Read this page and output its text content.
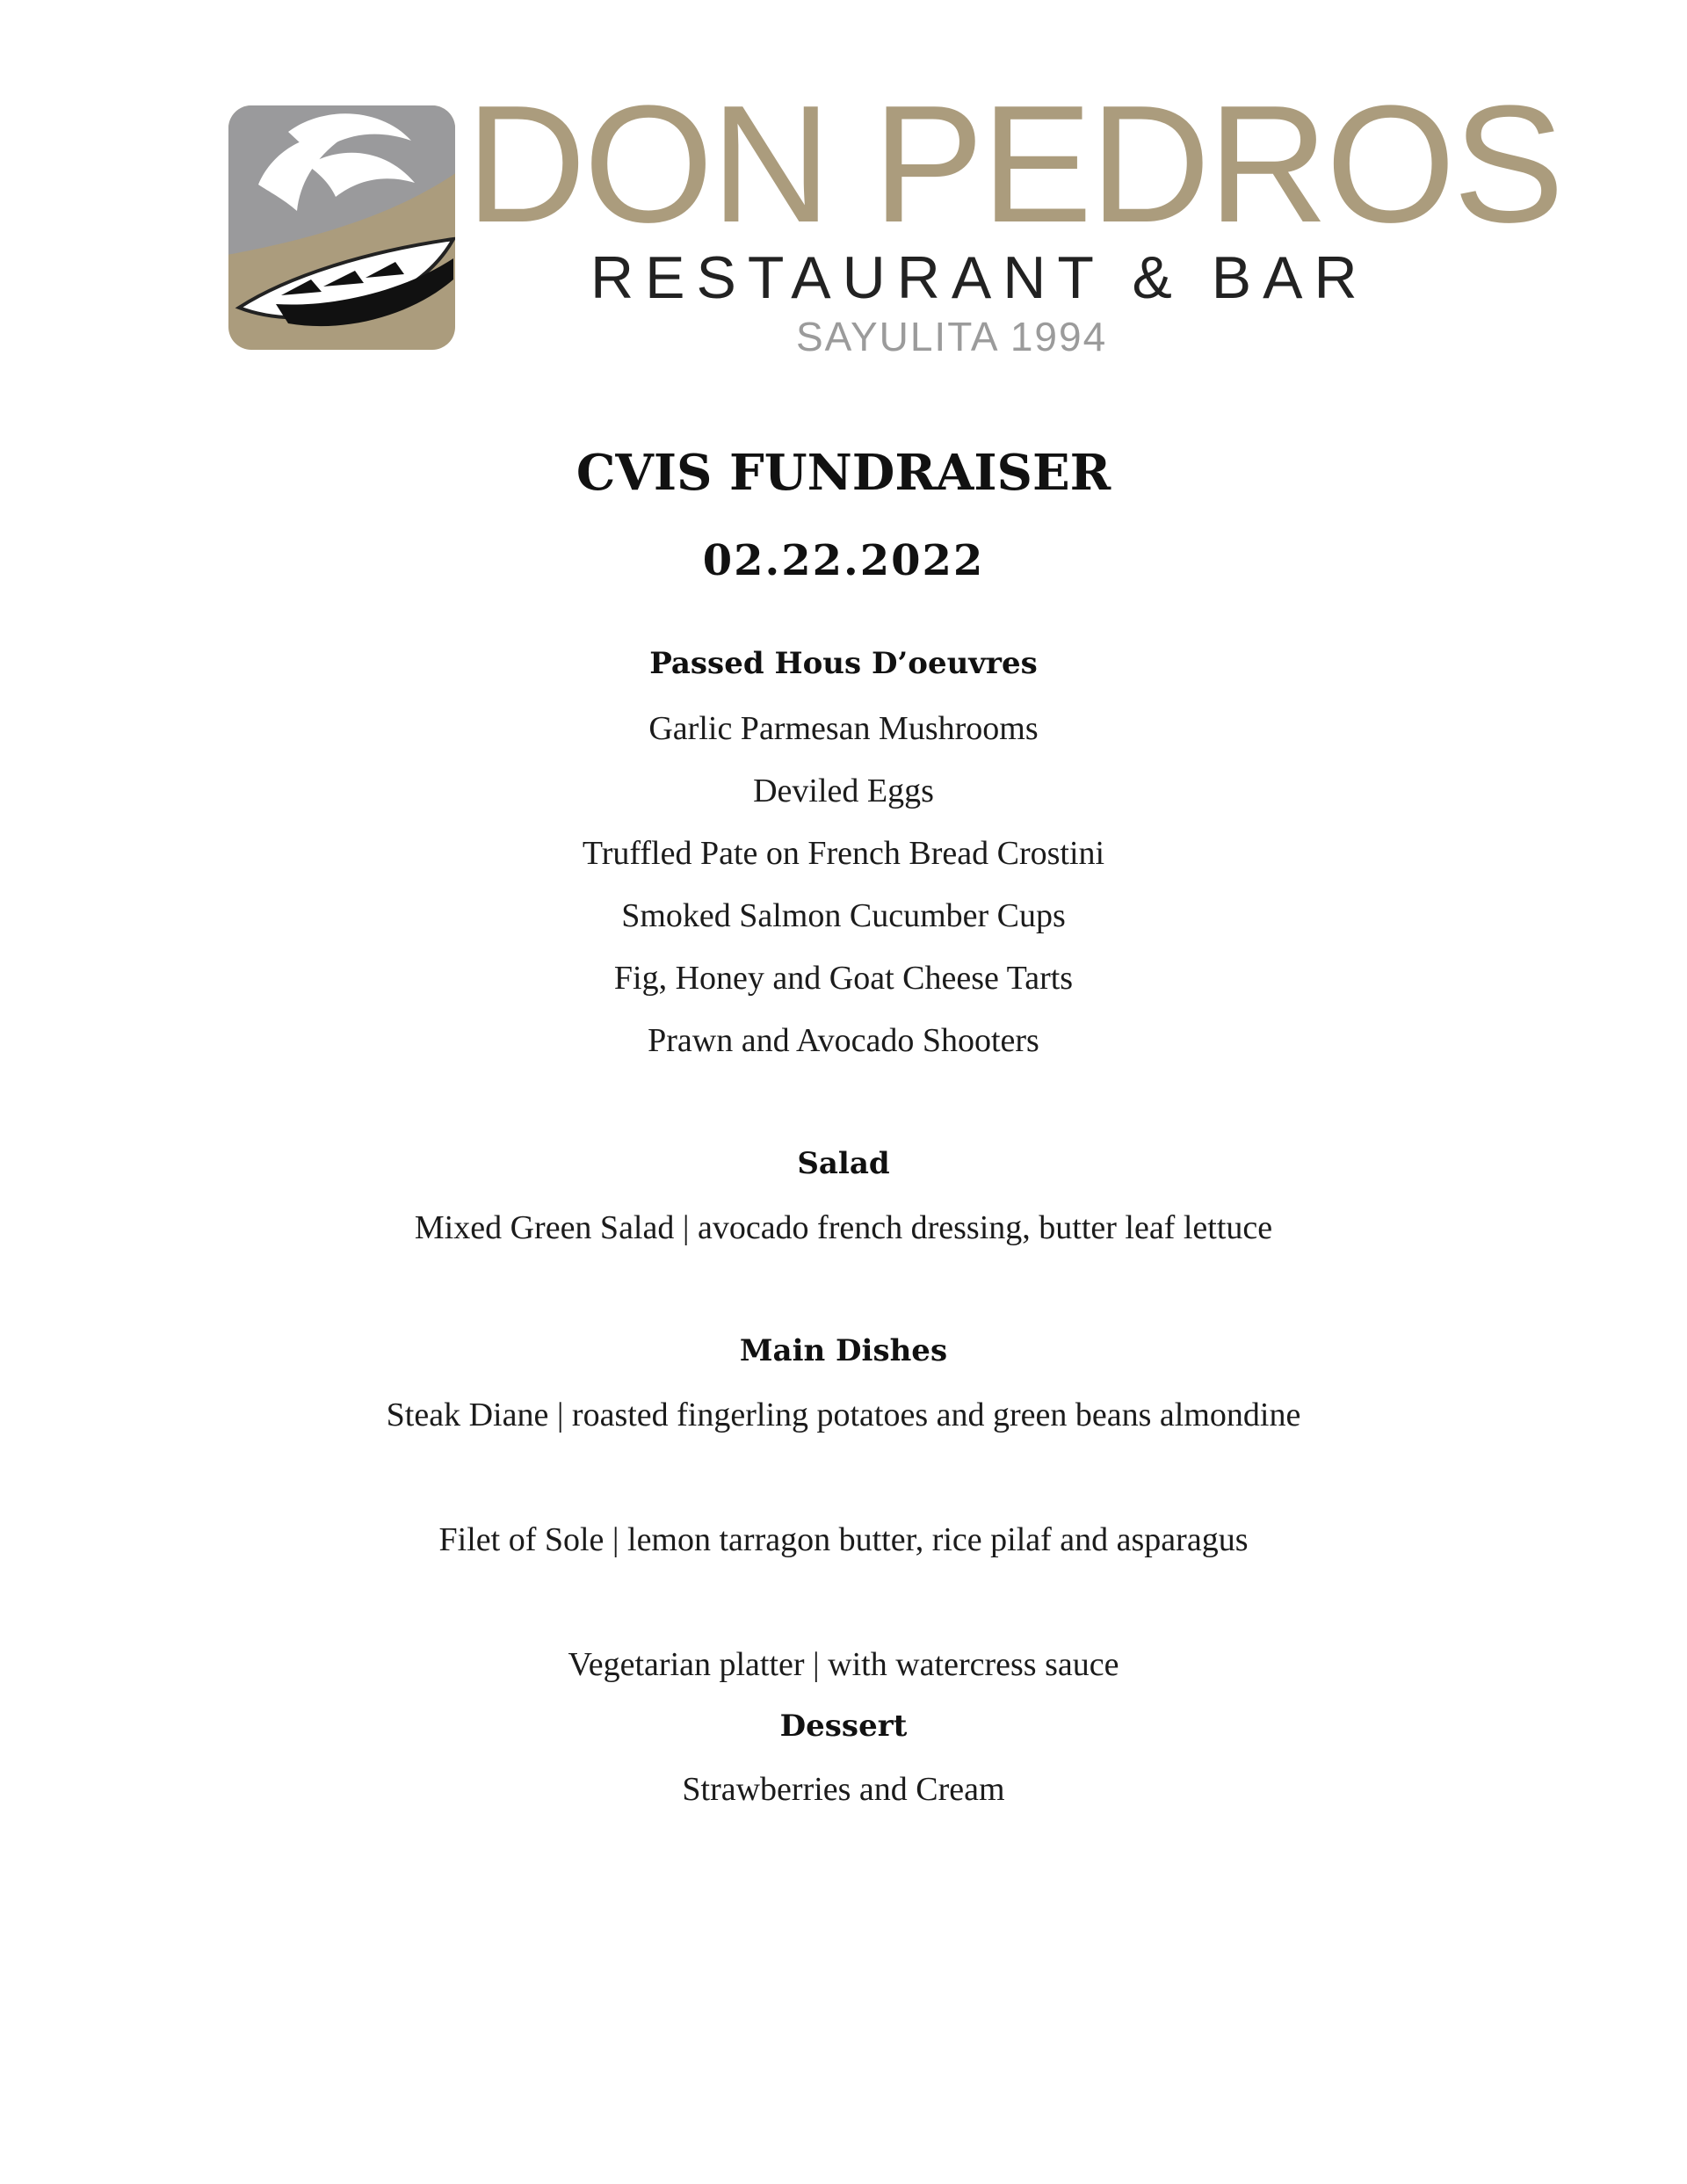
DON PEDROS
RESTAURANT & BAR
SAYULITA 1994
CVIS FUNDRAISER
02.22.2022
Passed Hous D’oeuvres
Garlic Parmesan Mushrooms
Deviled Eggs
Truffled Pate on French Bread Crostini
Smoked Salmon Cucumber Cups
Fig, Honey and Goat Cheese Tarts
Prawn and Avocado Shooters
Salad
Mixed Green Salad | avocado french dressing, butter leaf lettuce
Main Dishes
Steak Diane | roasted fingerling potatoes and green beans almondine
Filet of Sole | lemon tarragon butter, rice pilaf and asparagus
Vegetarian platter | with watercress sauce
Dessert
Strawberries and Cream
